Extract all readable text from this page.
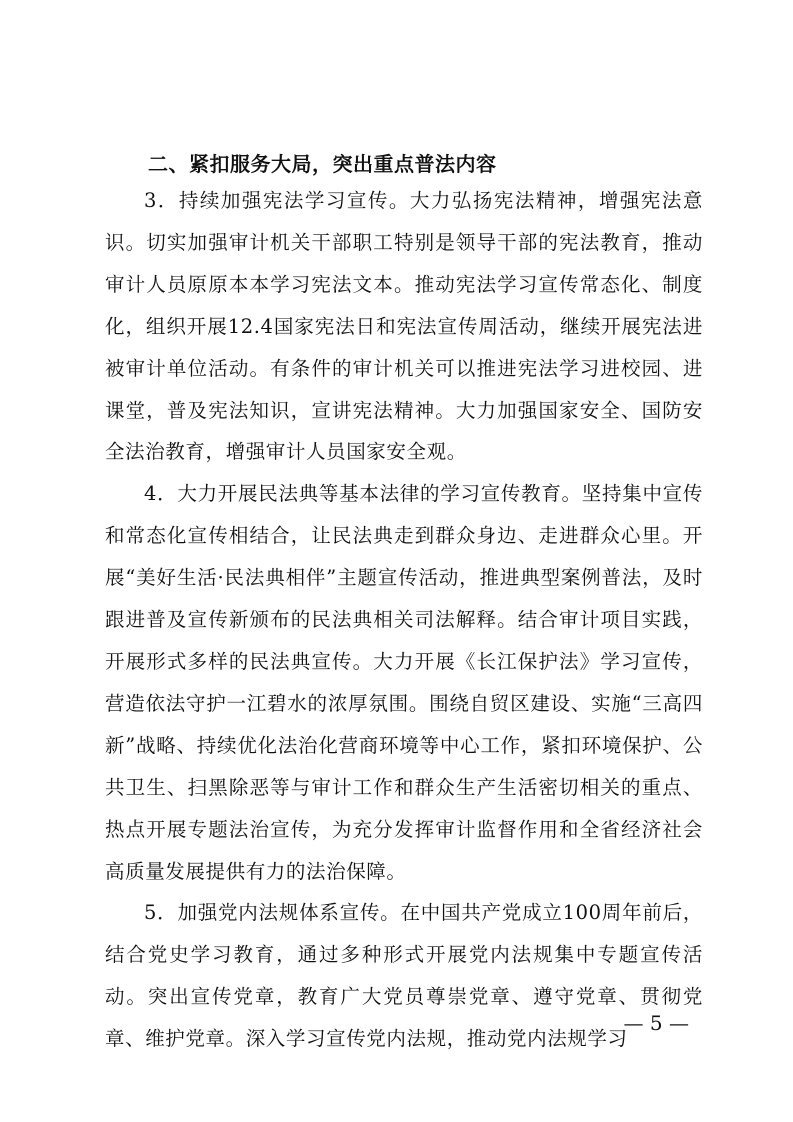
二、紧扣服务大局，突出重点普法内容

3．持续加强宪法学习宣传。大力弘扬宪法精神，增强宪法意识。切实加强审计机关干部职工特别是领导干部的宪法教育，推动审计人员原原本本学习宪法文本。推动宪法学习宣传常态化、制度化，组织开展12.4国家宪法日和宪法宣传周活动，继续开展宪法进被审计单位活动。有条件的审计机关可以推进宪法学习进校园、进课堂，普及宪法知识，宣讲宪法精神。大力加强国家安全、国防安全法治教育，增强审计人员国家安全观。

4．大力开展民法典等基本法律的学习宣传教育。坚持集中宣传和常态化宣传相结合，让民法典走到群众身边、走进群众心里。开展“美好生活·民法典相伴”主题宣传活动，推进典型案例普法，及时跟进普及宣传新颁布的民法典相关司法解释。结合审计项目实践，开展形式多样的民法典宣传。大力开展《长江保护法》学习宣传，营造依法守护一江碧水的浓厚氛围。围绕自贸区建设、实施“三高四新”战略、持续优化法治化营商环境等中心工作，紧扣环境保护、公共卫生、扫黑除恶等与审计工作和群众生产生活密切相关的重点、热点开展专题法治宣传，为充分发挥审计监督作用和全省经济社会高质量发展提供有力的法治保障。

5．加强党内法规体系宣传。在中国共产党成立100周年前后，结合党史学习教育，通过多种形式开展党内法规集中专题宣传活动。突出宣传党章，教育广大党员尊崇党章、遵守党章、贯彻党章、维护党章。深入学习宣传党内法规，推动党内法规学习

— 5 —
